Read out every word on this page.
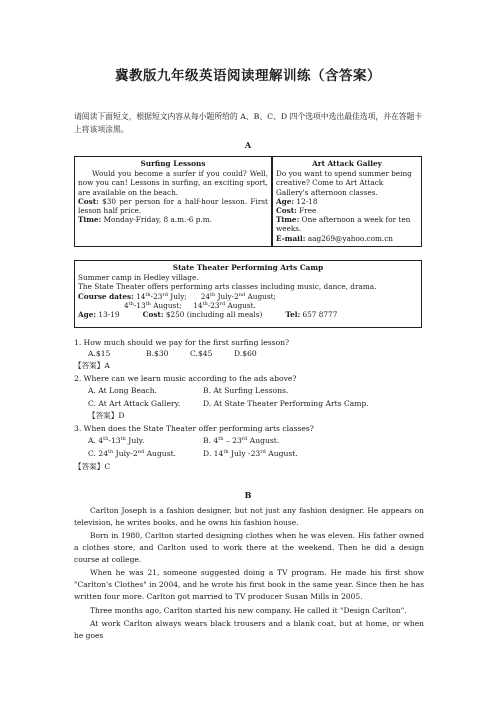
冀教版九年级英语阅读理解训练（含答案）
请阅读下面短文，根据短文内容从每小题所给的 A、B、C、D 四个选项中选出最佳选项，并在答题卡上将该项涂黑。
A
Surfing Lessons
Would you become a surfer if you could? Well, now you can! Lessons in surfing, an exciting sport, are available on the beach.
Cost: $30 per person for a half-hour lesson. First lesson half price.
Time: Monday-Friday, 8 a.m.-6 p.m.
Art Attack Galley
Do you want to spend summer being creative? Come to Art Attack Gallery's afternoon classes.
Age: 12-18
Cost: Free
Time: One afternoon a week for ten weeks.
E-mail: aag269@yahoo.com.cn
State Theater Performing Arts Camp
Summer camp in Hedley village.
The State Theater offers performing arts classes including music, dance, drama.
Course dates: 14th-23rd July;      24th July-2nd August;
4th-13th August;     14th-23rd August.
Age: 13-19	Cost: $250 (including all meals)	Tel: 657 8777
1. How much should we pay for the first surfing lesson?
A.$15	B.$30	C.$45	D.$60
【答案】A
2. Where can we learn music according to the ads above?
A. At Long Beach.	B. At Surfing Lessons.
C. At Art Attack Gallery.	D. At State Theater Performing Arts Camp.
【答案】D
3. When does the State Theater offer performing arts classes?
A. 4th-13th July.	B. 4th – 23rd August.
C. 24th July-2nd August.	D. 14th July -23rd August.
【答案】C
B
Carlton Joseph is a fashion designer, but not just any fashion designer. He appears on television, he writes books, and he owns his fashion house.
Born in 1980, Carlton started designing clothes when he was eleven. His father owned a clothes store, and Carlton used to work there at the weekend. Then he did a design course at college.
When he was 21, someone suggested doing a TV program. He made his first show "Carlton's Clothes" in 2004, and he wrote his first book in the same year. Since then he has written four more. Carlton got married to TV producer Susan Mills in 2005.
Three months ago, Carlton started his new company. He called it "Design Carlton".
At work Carlton always wears black trousers and a blank coat, but at home, or when he goes
